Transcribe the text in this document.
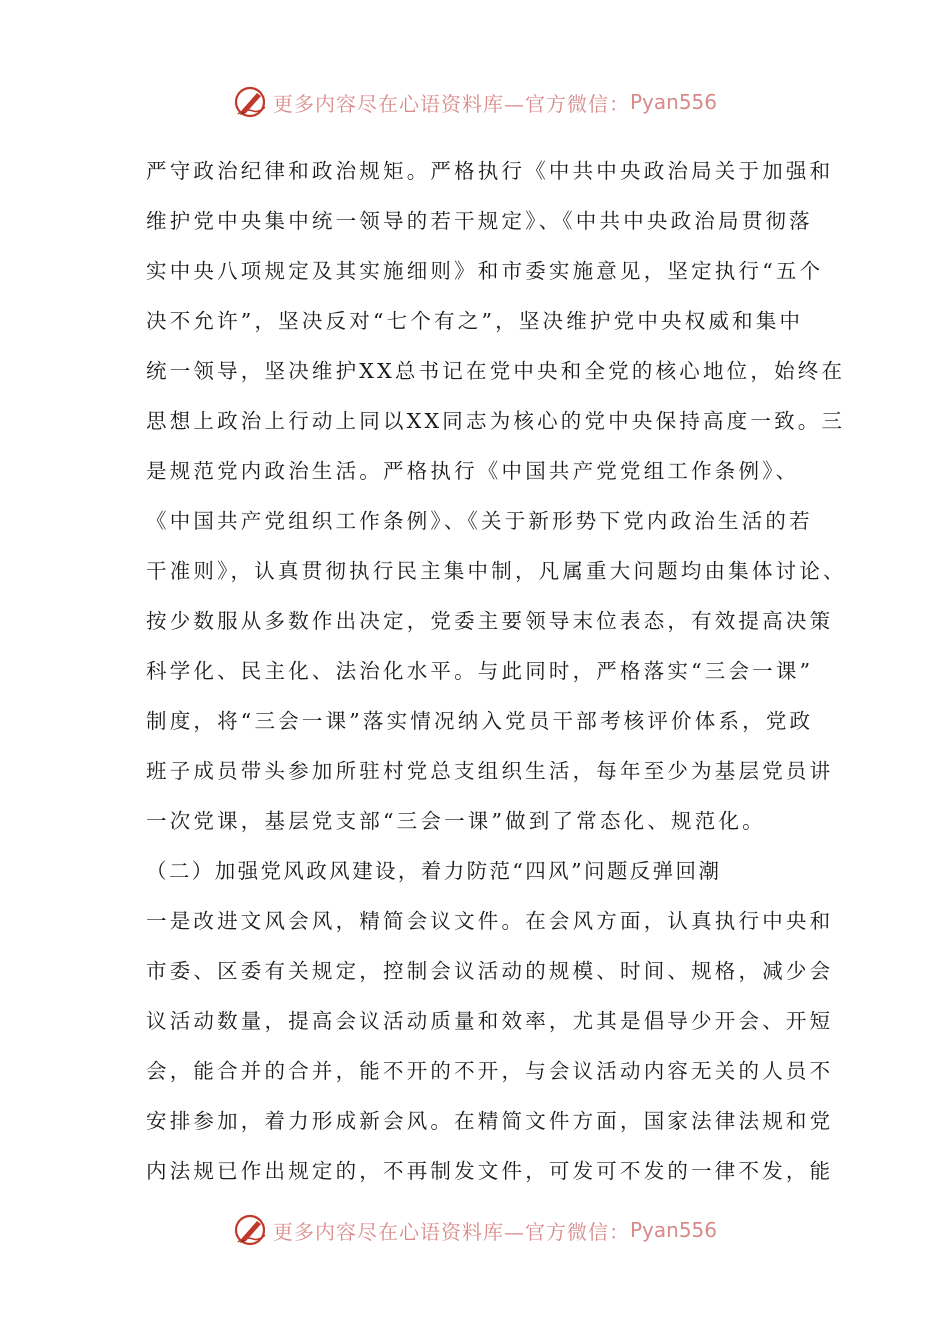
更多内容尽在心语资料库—官方微信： Pyan556
严守政治纪律和政治规矩。严格执行《中共中央政治局关于加强和
维护党中央集中统一领导的若干规定》、《中共中央政治局贯彻落
实中央八项规定及其实施细则》和市委实施意见，坚定执行“五个
决不允许”，坚决反对“七个有之”，坚决维护党中央权威和集中
统一领导，坚决维护XX总书记在党中央和全党的核心地位，始终在
思想上政治上行动上同以XX同志为核心的党中央保持高度一致。三
是规范党内政治生活。严格执行《中国共产党党组工作条例》、
《中国共产党组织工作条例》、《关于新形势下党内政治生活的若
干准则》，认真贯彻执行民主集中制，凡属重大问题均由集体讨论、
按少数服从多数作出决定，党委主要领导末位表态，有效提高决策
科学化、民主化、法治化水平。与此同时，严格落实“三会一课”
制度，将“三会一课”落实情况纳入党员干部考核评价体系，党政
班子成员带头参加所驻村党总支组织生活，每年至少为基层党员讲
一次党课，基层党支部“三会一课”做到了常态化、规范化。
（二）加强党风政风建设，着力防范“四风”问题反弹回潮
一是改进文风会风，精简会议文件。在会风方面，认真执行中央和
市委、区委有关规定，控制会议活动的规模、时间、规格，减少会
议活动数量，提高会议活动质量和效率，尤其是倡导少开会、开短
会，能合并的合并，能不开的不开，与会议活动内容无关的人员不
安排参加，着力形成新会风。在精简文件方面，国家法律法规和党
内法规已作出规定的，不再制发文件，可发可不发的一律不发，能
更多内容尽在心语资料库—官方微信： Pyan556
